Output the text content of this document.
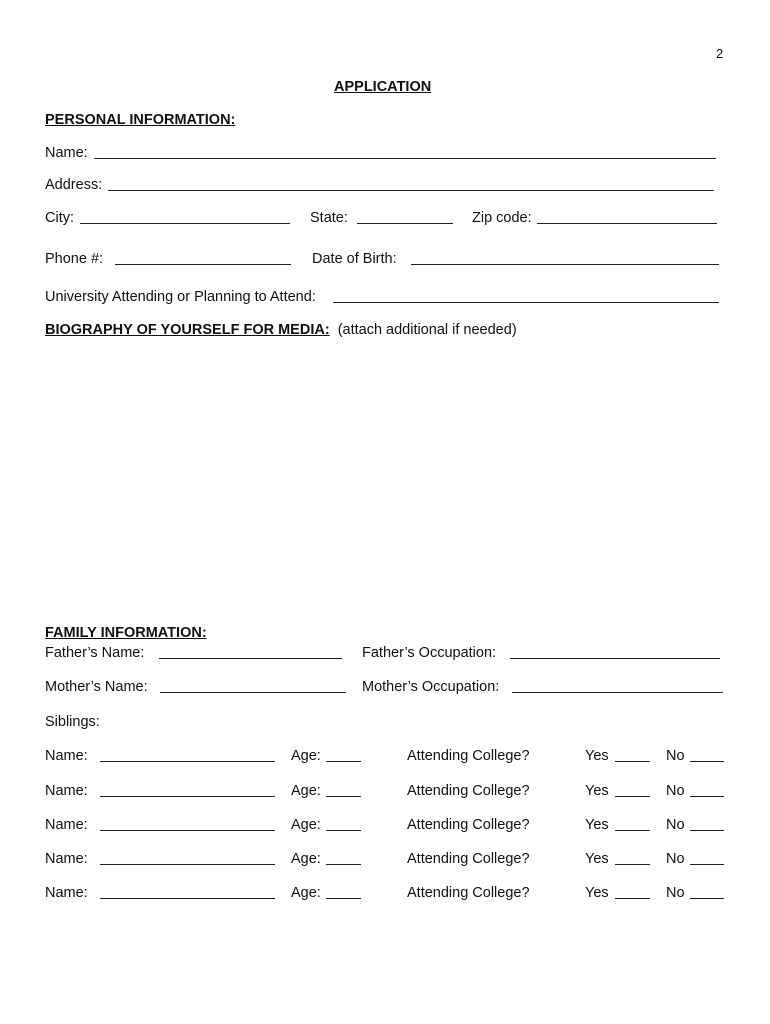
2
APPLICATION
PERSONAL INFORMATION:
Name:
Address:
City:	State:	Zip code:
Phone #:	Date of Birth:
University Attending or Planning to Attend:
BIOGRAPHY OF YOURSELF FOR MEDIA: (attach additional if needed)
FAMILY INFORMATION:
Father’s Name:	Father’s Occupation:
Mother’s Name:	Mother’s Occupation:
Siblings:
Name:	Age:	Attending College?	Yes	No
Name:	Age:	Attending College?	Yes	No
Name:	Age:	Attending College?	Yes	No
Name:	Age:	Attending College?	Yes	No
Name:	Age:	Attending College?	Yes	No
